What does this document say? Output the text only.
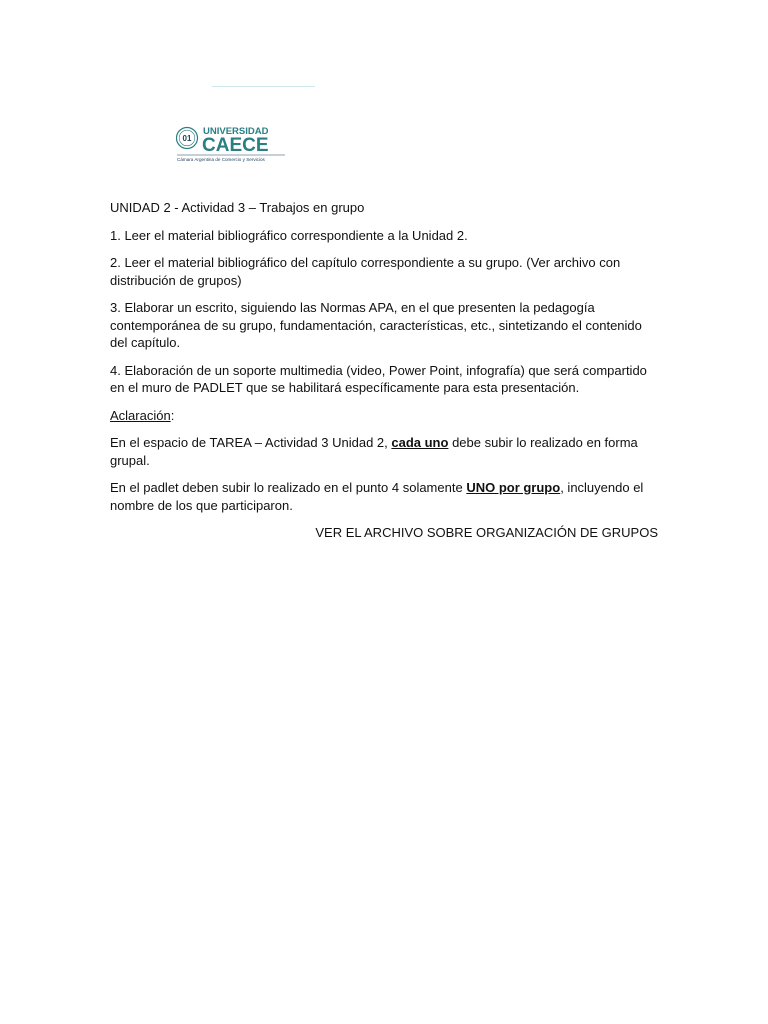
01
UNIVERSIDAD
CAECE
Cámara Argentina de Comercio y Servicios

UNIDAD 2 - Actividad 3 – Trabajos en grupo

1. Leer el material bibliográfico correspondiente a la Unidad 2.

2. Leer el material bibliográfico del capítulo correspondiente a su grupo. (Ver archivo con distribución de grupos)

3. Elaborar un escrito, siguiendo las Normas APA, en el que presenten la pedagogía contemporánea de su grupo, fundamentación, características, etc., sintetizando el contenido del capítulo.

4. Elaboración de un soporte multimedia (video, Power Point, infografía) que será compartido en el muro de PADLET que se habilitará específicamente para esta presentación.

Aclaración:

En el espacio de TAREA – Actividad 3 Unidad 2, cada uno debe subir lo realizado en forma grupal.

En el padlet deben subir lo realizado en el punto 4 solamente UNO por grupo, incluyendo el nombre de los que participaron.

VER EL ARCHIVO SOBRE ORGANIZACIÓN DE GRUPOS
